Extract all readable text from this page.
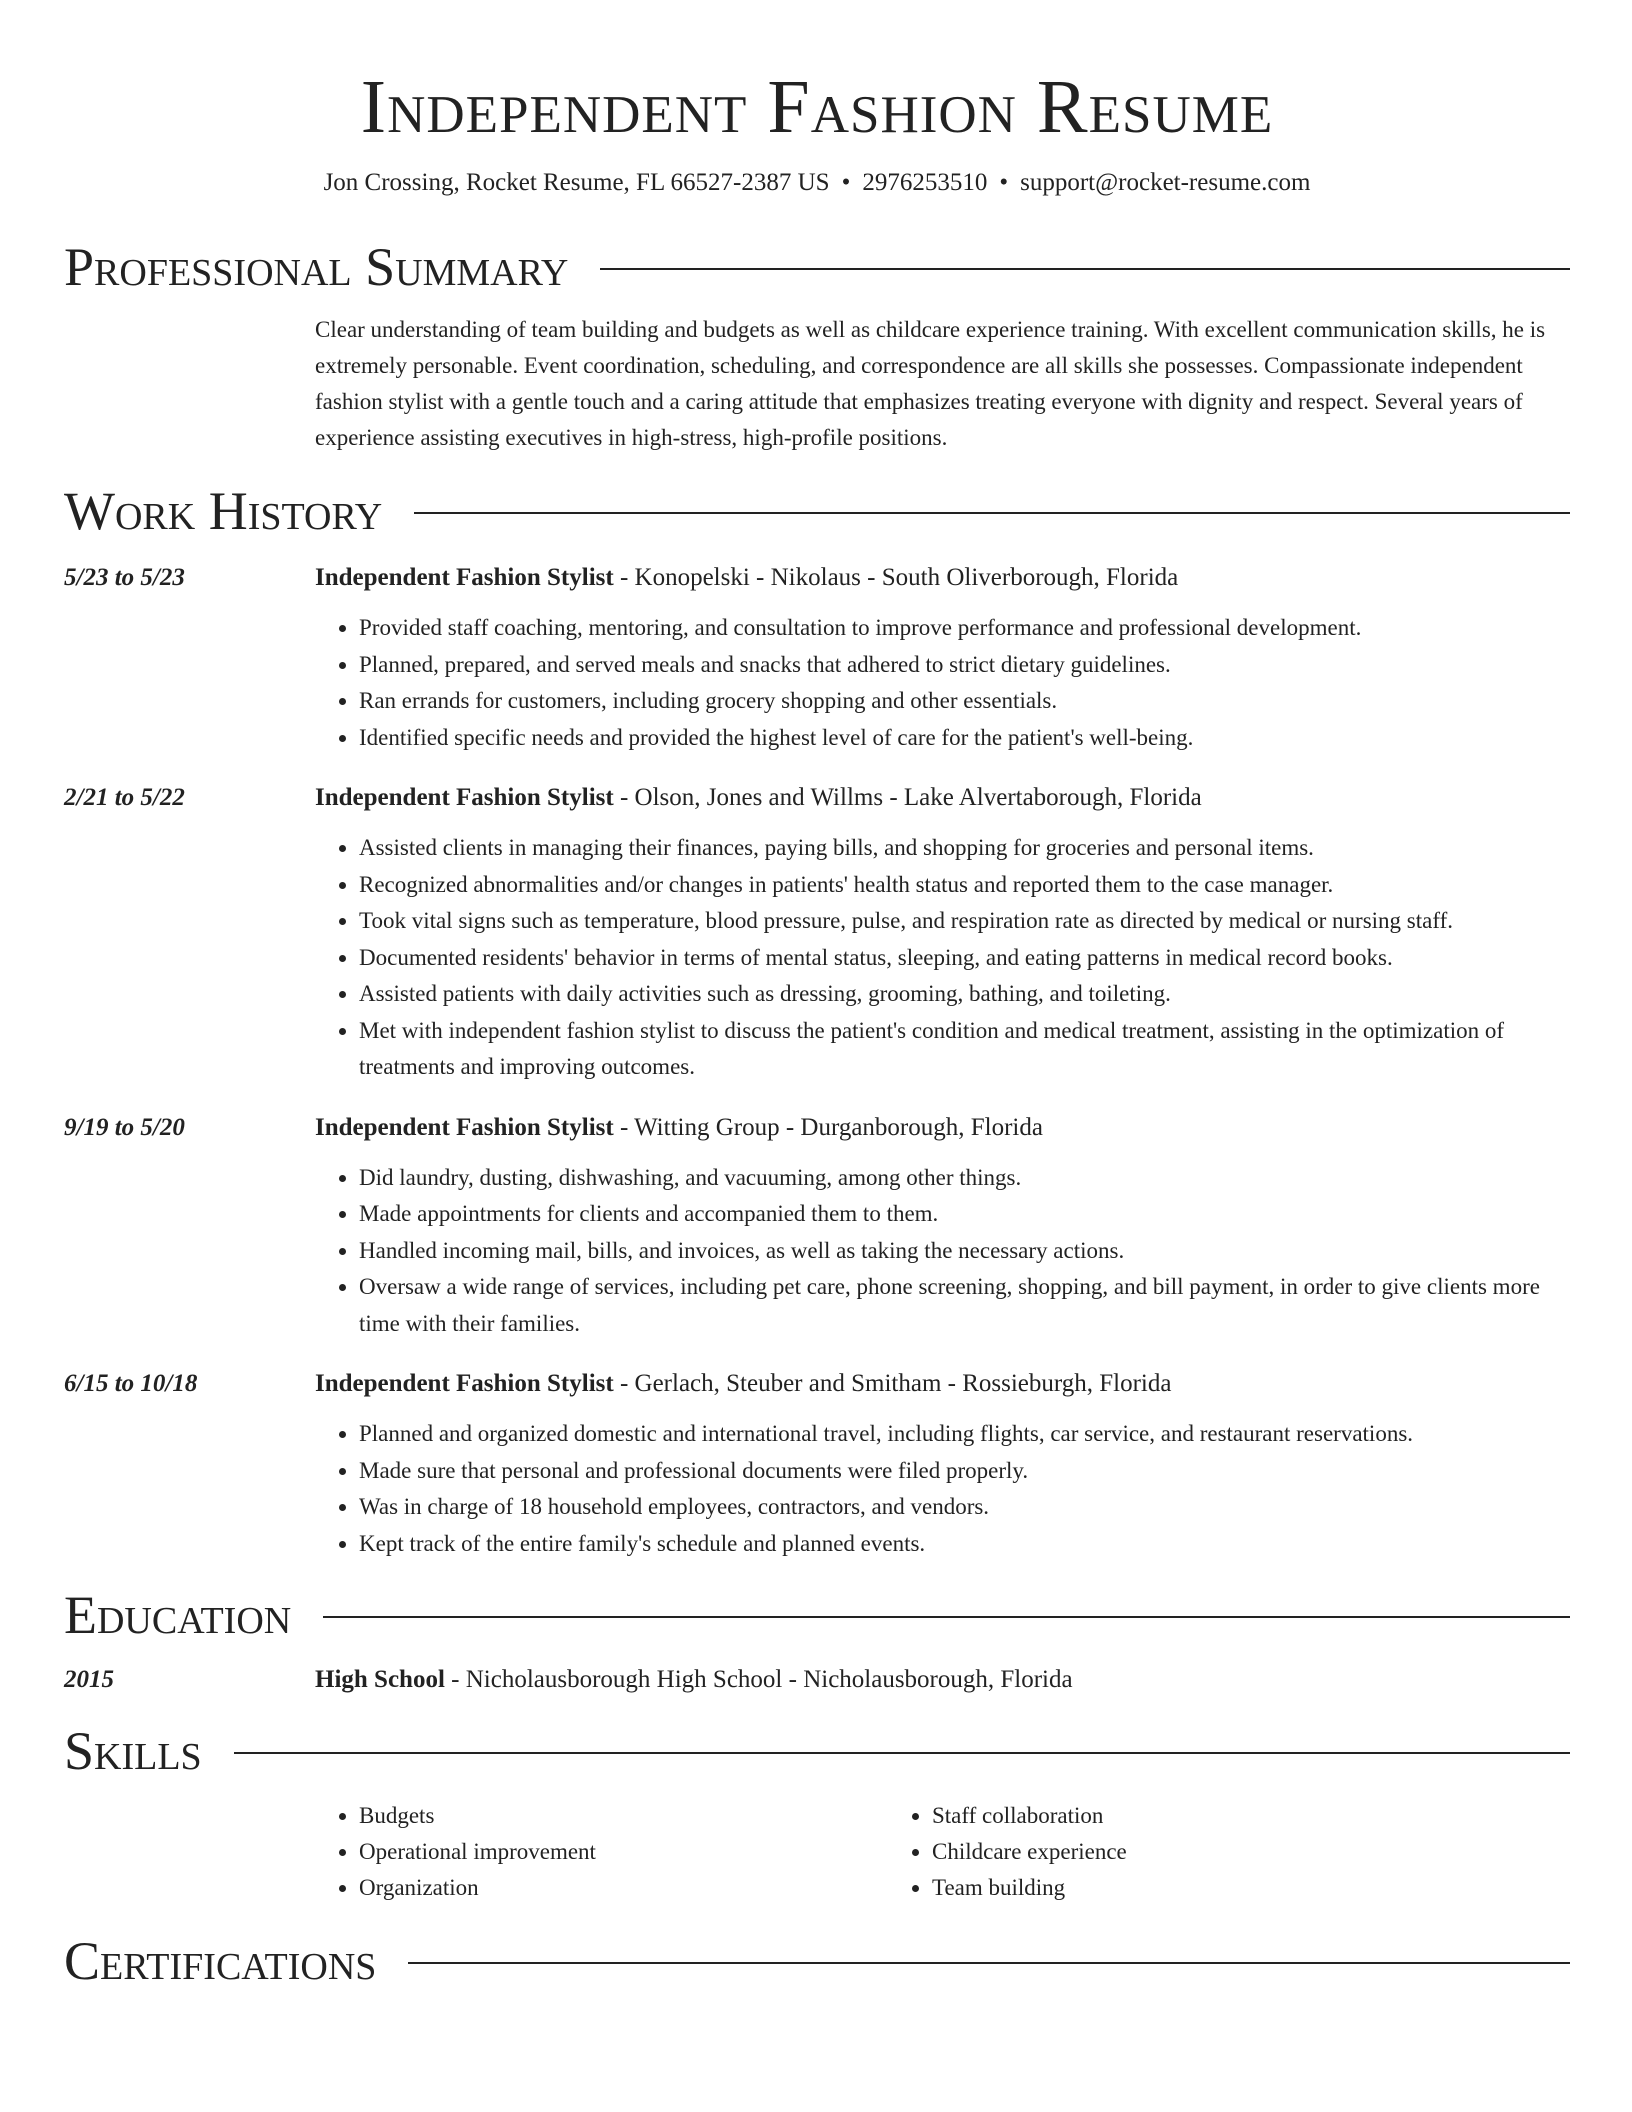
Independent Fashion Resume
Jon Crossing, Rocket Resume, FL 66527-2387 US • 2976253510 • support@rocket-resume.com
Professional Summary
Clear understanding of team building and budgets as well as childcare experience training. With excellent communication skills, he is extremely personable. Event coordination, scheduling, and correspondence are all skills she possesses. Compassionate independent fashion stylist with a gentle touch and a caring attitude that emphasizes treating everyone with dignity and respect. Several years of experience assisting executives in high-stress, high-profile positions.
Work History
5/23 to 5/23	Independent Fashion Stylist - Konopelski - Nikolaus - South Oliverborough, Florida
• Provided staff coaching, mentoring, and consultation to improve performance and professional development.
• Planned, prepared, and served meals and snacks that adhered to strict dietary guidelines.
• Ran errands for customers, including grocery shopping and other essentials.
• Identified specific needs and provided the highest level of care for the patient's well-being.
2/21 to 5/22	Independent Fashion Stylist - Olson, Jones and Willms - Lake Alvertaborough, Florida
• Assisted clients in managing their finances, paying bills, and shopping for groceries and personal items.
• Recognized abnormalities and/or changes in patients' health status and reported them to the case manager.
• Took vital signs such as temperature, blood pressure, pulse, and respiration rate as directed by medical or nursing staff.
• Documented residents' behavior in terms of mental status, sleeping, and eating patterns in medical record books.
• Assisted patients with daily activities such as dressing, grooming, bathing, and toileting.
• Met with independent fashion stylist to discuss the patient's condition and medical treatment, assisting in the optimization of treatments and improving outcomes.
9/19 to 5/20	Independent Fashion Stylist - Witting Group - Durganborough, Florida
• Did laundry, dusting, dishwashing, and vacuuming, among other things.
• Made appointments for clients and accompanied them to them.
• Handled incoming mail, bills, and invoices, as well as taking the necessary actions.
• Oversaw a wide range of services, including pet care, phone screening, shopping, and bill payment, in order to give clients more time with their families.
6/15 to 10/18	Independent Fashion Stylist - Gerlach, Steuber and Smitham - Rossieburgh, Florida
• Planned and organized domestic and international travel, including flights, car service, and restaurant reservations.
• Made sure that personal and professional documents were filed properly.
• Was in charge of 18 household employees, contractors, and vendors.
• Kept track of the entire family's schedule and planned events.
Education
2015	High School - Nicholausborough High School - Nicholausborough, Florida
Skills
• Budgets
• Operational improvement
• Organization
• Staff collaboration
• Childcare experience
• Team building
Certifications
